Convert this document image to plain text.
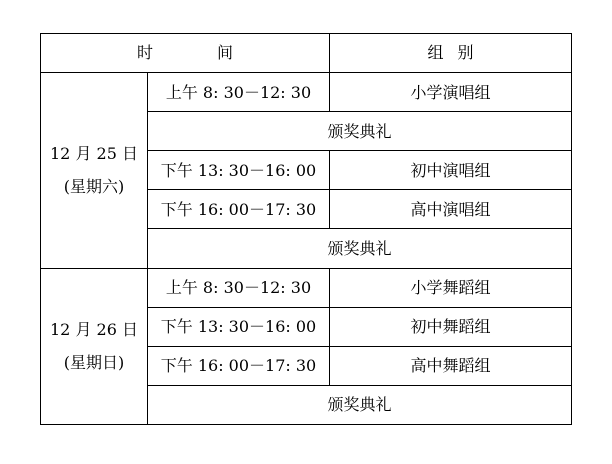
时 间		组 别

12 月 25 日
(星期六)	上午 8: 30－12: 30	小学演唱组
	颁奖典礼	
	下午 13: 30－16: 00	初中演唱组
	下午 16: 00－17: 30	高中演唱组
	颁奖典礼	

12 月 26 日
(星期日)	上午 8: 30－12: 30	小学舞蹈组
	下午 13: 30－16: 00	初中舞蹈组
	下午 16: 00－17: 30	高中舞蹈组
	颁奖典礼	
